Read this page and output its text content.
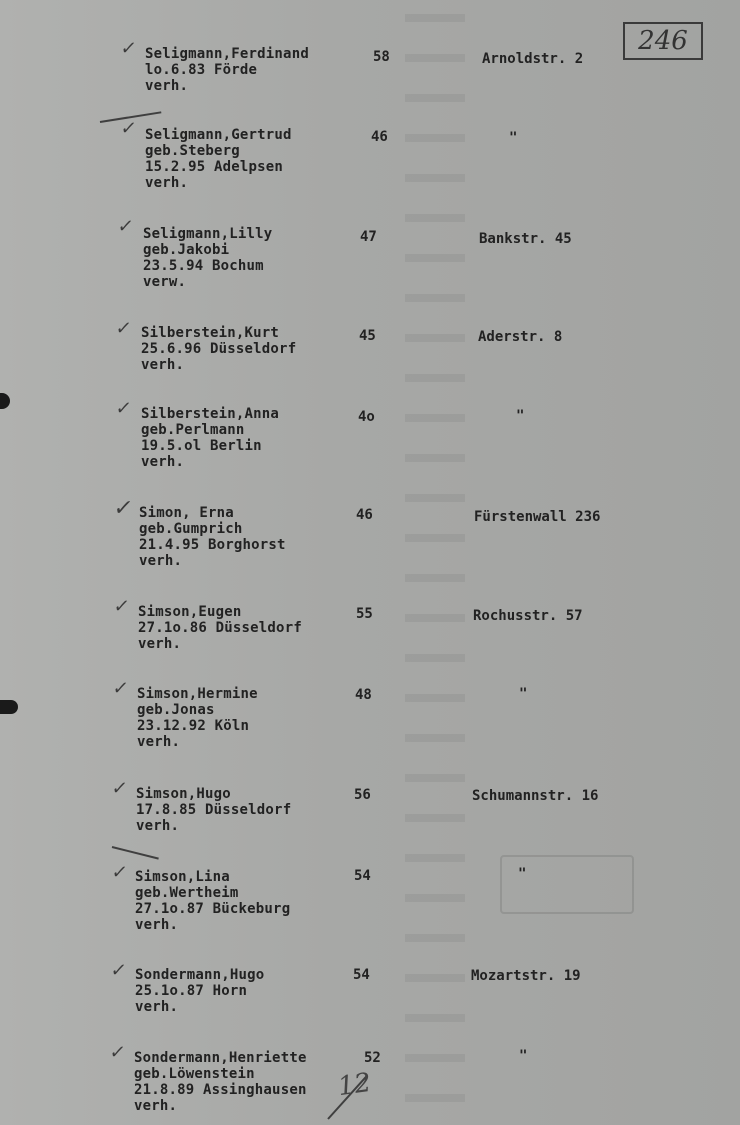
246
✓ Seligmann,Ferdinand
lo.6.83 Förde
verh.
58	Arnoldstr. 2
✓ Seligmann,Gertrud
geb.Steberg
15.2.95 Adelpsen
verh.
46	"
✓ Seligmann,Lilly
geb.Jakobi
23.5.94 Bochum
verw.
47	Bankstr. 45
✓ Silberstein,Kurt
25.6.96 Düsseldorf
verh.
45	Aderstr. 8
✓ Silberstein,Anna
geb.Perlmann
19.5.ol Berlin
verh.
4o	"
✓ Simon, Erna
geb.Gumprich
21.4.95 Borghorst
verh.
46	Fürstenwall 236
✓ Simson,Eugen
27.1o.86 Düsseldorf
verh.
55	Rochusstr. 57
✓ Simson,Hermine
geb.Jonas
23.12.92 Köln
verh.
48	"
✓ Simson,Hugo
17.8.85 Düsseldorf
verh.
56	Schumannstr. 16
✓ Simson,Lina
geb.Wertheim
27.1o.87 Bückeburg
verh.
54	"
✓ Sondermann,Hugo
25.1o.87 Horn
verh.
54	Mozartstr. 19
✓ Sondermann,Henriette
geb.Löwenstein
21.8.89 Assinghausen
verh.
52	"
12
